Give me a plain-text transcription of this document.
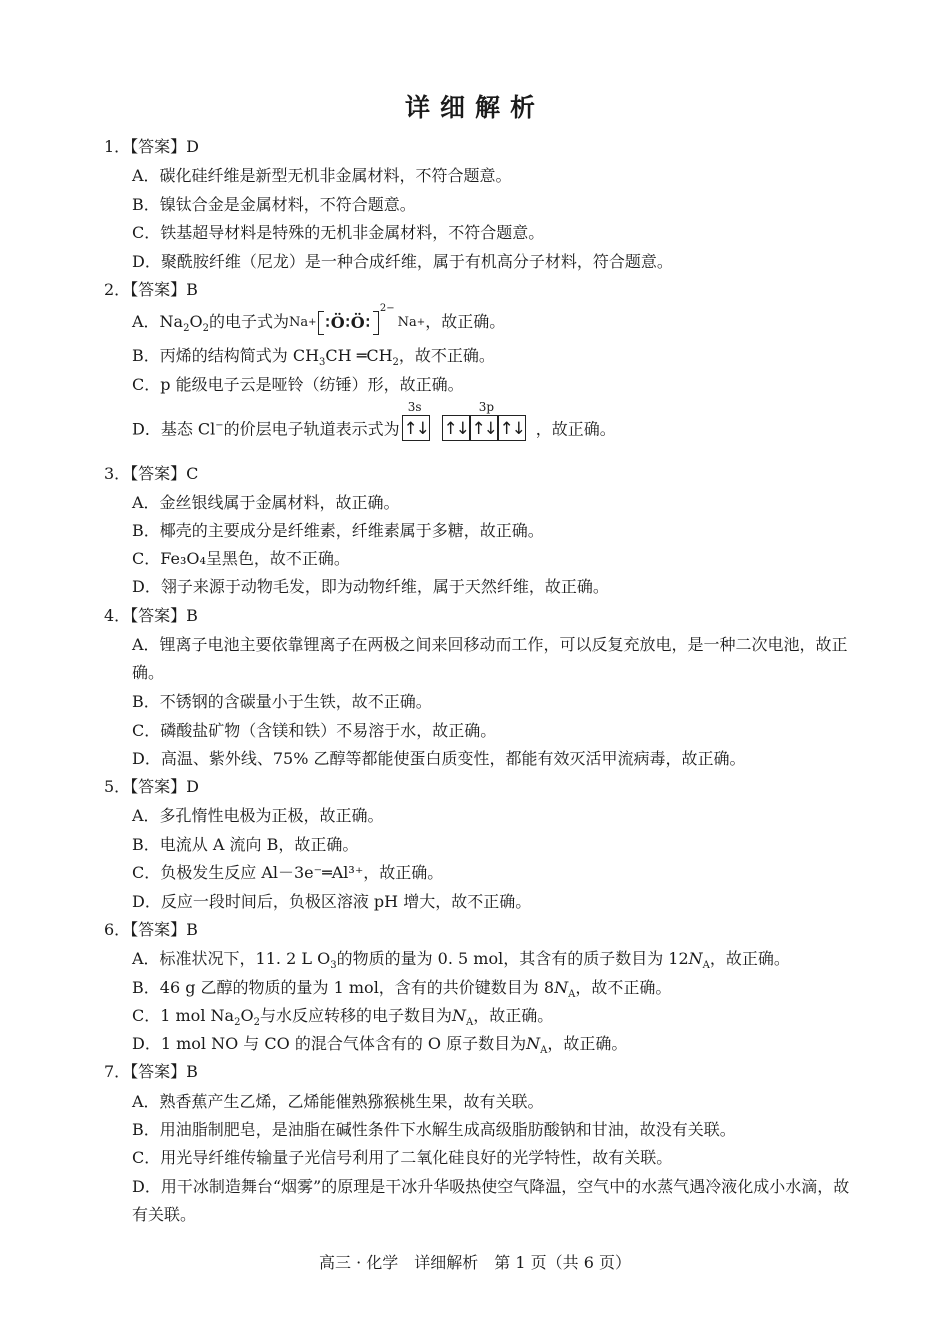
详细解析
1．【答案】D
A．碳化硅纤维是新型无机非金属材料，不符合题意。
B．镍钛合金是金属材料，不符合题意。
C．铁基超导材料是特殊的无机非金属材料，不符合题意。
D．聚酰胺纤维（尼龙）是一种合成纤维，属于有机高分子材料，符合题意。
2．【答案】B
A．$Na_2O_2$的电子式为 Na + ∶Ö∶Ö∶
2−
Na + ，故正确。
B．丙烯的结构简式为 $CH_3CH$ $═CH_2$，故不正确。
C．p 能级电子云是哑铃（纺锤）形，故正确。
D．基态 Cl−的价层电子轨道表示式为
3s	3p
↑↓ ↑↓ ↑↓ ↑↓ ，故正确。
3．【答案】C
A．金丝银线属于金属材料，故正确。
B．椰壳的主要成分是纤维素，纤维素属于多糖，故正确。
C．Fe₃O₄呈黑色，故不正确。
D．翎子来源于动物毛发，即为动物纤维，属于天然纤维，故正确。
4．【答案】B
A．锂离子电池主要依靠锂离子在两极之间来回移动而工作，可以反复充放电，是一种二次电池，故正确。
B．不锈钢的含碳量小于生铁，故不正确。
C．磷酸盐矿物（含镁和铁）不易溶于水，故正确。
D．高温、紫外线、75% 乙醇等都能使蛋白质变性，都能有效灭活甲流病毒，故正确。
5．【答案】D
A．多孔惰性电极为正极，故正确。
B．电流从 A 流向 B，故正确。
C．负极发生反应 Al－3e⁻═Al³⁺，故正确。
D．反应一段时间后，负极区溶液 pH 增大，故不正确。
6．【答案】B
A．标准状况下，11. 2 L $O_3$的物质的量为 0. 5 mol，其含有的质子数目为 $12N_A$，故正确。
B．46 g 乙醇的物质的量为 1 mol，含有的共价键数目为 $8N_A$，故不正确。
C．1 mol $Na_2O_2$与水反应转移的电子数目为$N_A$，故正确。
D．1 mol NO 与 CO 的混合气体含有的 O 原子数目为$N_A$，故正确。
7．【答案】B
A．熟香蕉产生乙烯，乙烯能催熟猕猴桃生果，故有关联。
B．用油脂制肥皂，是油脂在碱性条件下水解生成高级脂肪酸钠和甘油，故没有关联。
C．用光导纤维传输量子光信号利用了二氧化硅良好的光学特性，故有关联。
D．用干冰制造舞台“烟雾”的原理是干冰升华吸热使空气降温，空气中的水蒸气遇冷液化成小水滴，故有关联。
高三 · 化学　详细解析　第 1 页（共 6 页）
